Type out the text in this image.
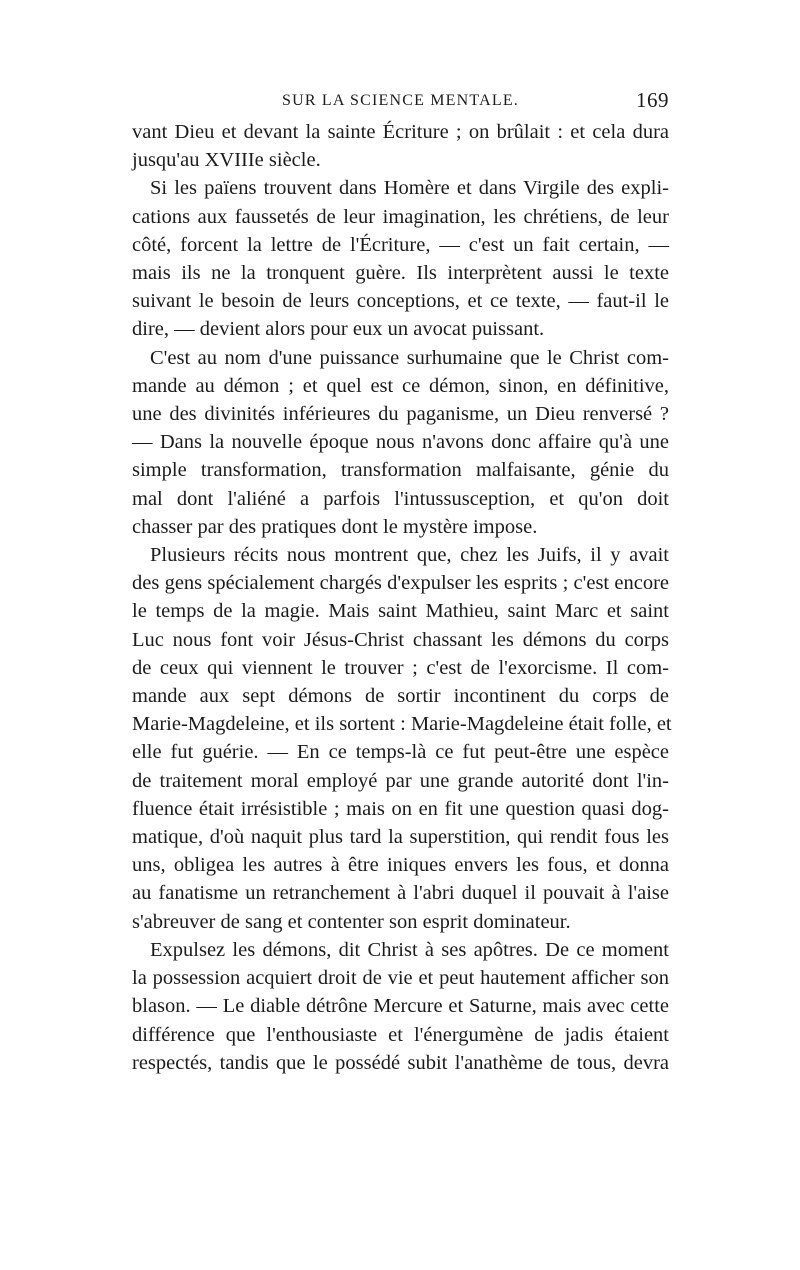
SUR LA SCIENCE MENTALE.	169

vant Dieu et devant la sainte Écriture ; on brûlait : et cela dura
jusqu'au XVIIIe siècle.

Si les païens trouvent dans Homère et dans Virgile des expli-
cations aux faussetés de leur imagination, les chrétiens, de leur
côté, forcent la lettre de l'Écriture, — c'est un fait certain, —
mais ils ne la tronquent guère. Ils interprètent aussi le texte
suivant le besoin de leurs conceptions, et ce texte, — faut-il le
dire, — devient alors pour eux un avocat puissant.

C'est au nom d'une puissance surhumaine que le Christ com-
mande au démon ; et quel est ce démon, sinon, en définitive,
une des divinités inférieures du paganisme, un Dieu renversé ?
— Dans la nouvelle époque nous n'avons donc affaire qu'à une
simple transformation, transformation malfaisante, génie du
mal dont l'aliéné a parfois l'intussusception, et qu'on doit
chasser par des pratiques dont le mystère impose.

Plusieurs récits nous montrent que, chez les Juifs, il y avait
des gens spécialement chargés d'expulser les esprits ; c'est encore
le temps de la magie. Mais saint Mathieu, saint Marc et saint
Luc nous font voir Jésus-Christ chassant les démons du corps
de ceux qui viennent le trouver ; c'est de l'exorcisme. Il com-
mande aux sept démons de sortir incontinent du corps de
Marie-Magdeleine, et ils sortent : Marie-Magdeleine était folle, et
elle fut guérie. — En ce temps-là ce fut peut-être une espèce
de traitement moral employé par une grande autorité dont l'in-
fluence était irrésistible ; mais on en fit une question quasi dog-
matique, d'où naquit plus tard la superstition, qui rendit fous les
uns, obligea les autres à être iniques envers les fous, et donna
au fanatisme un retranchement à l'abri duquel il pouvait à l'aise
s'abreuver de sang et contenter son esprit dominateur.

Expulsez les démons, dit Christ à ses apôtres. De ce moment
la possession acquiert droit de vie et peut hautement afficher son
blason. — Le diable détrône Mercure et Saturne, mais avec cette
différence que l'enthousiaste et l'énergumène de jadis étaient
respectés, tandis que le possédé subit l'anathème de tous, devra
